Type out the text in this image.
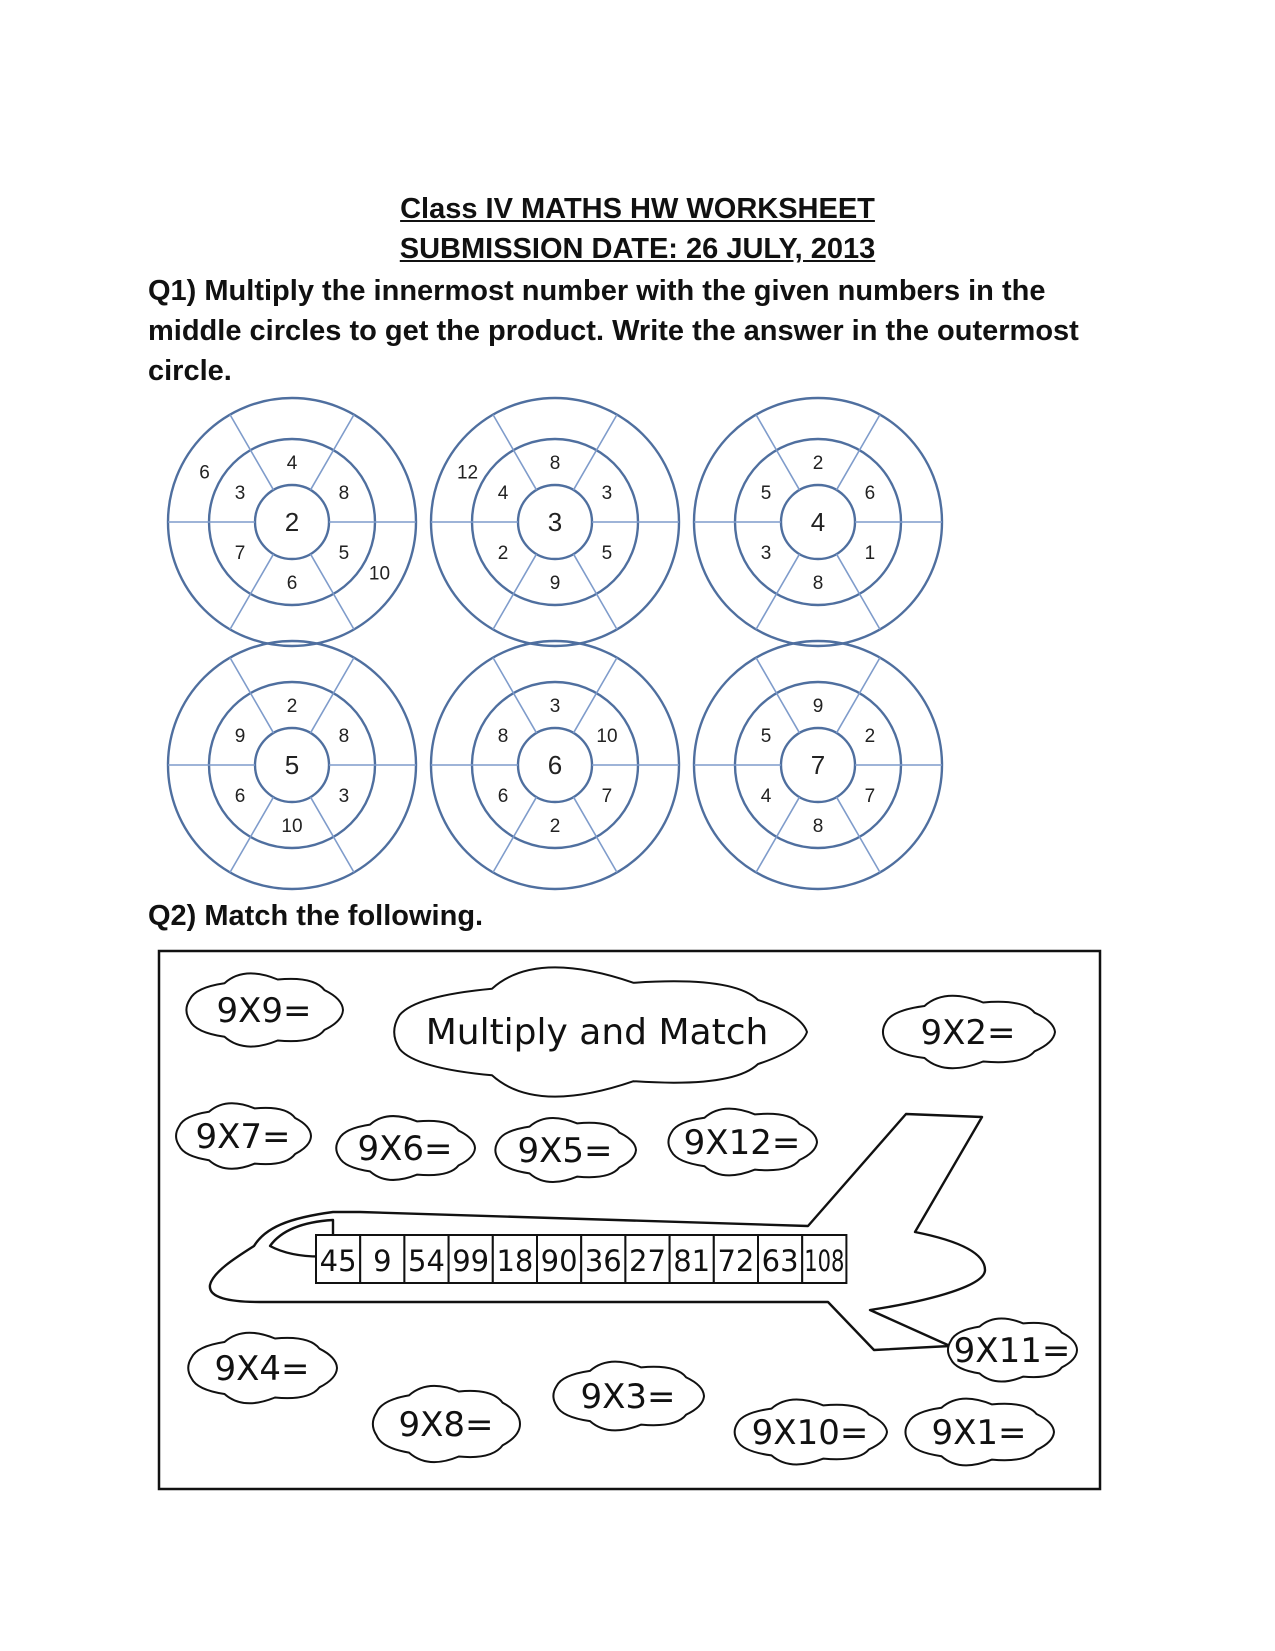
Class IV MATHS HW WORKSHEET
SUBMISSION DATE: 26 JULY, 2013

Q1) Multiply the innermost number with the given numbers in the middle circles to get the product. Write the answer in the outermost circle.

2
4
8
5
6
7
3
6
10
3
8
3
5
9
2
4
12
4
2
6
1
8
3
5
5
2
8
3
10
6
9
6
3
10
7
2
6
8
7
9
2
7
8
4
5

Q2) Match the following.

45 9 54 99 18 90 36 27 81 72 63 108
9X9=
9X2=
9X7= 9X6= 9X5= 9X12=
9X4=
9X8=
9X3=
9X10= 9X1=
9X11=
Multiply and Match
